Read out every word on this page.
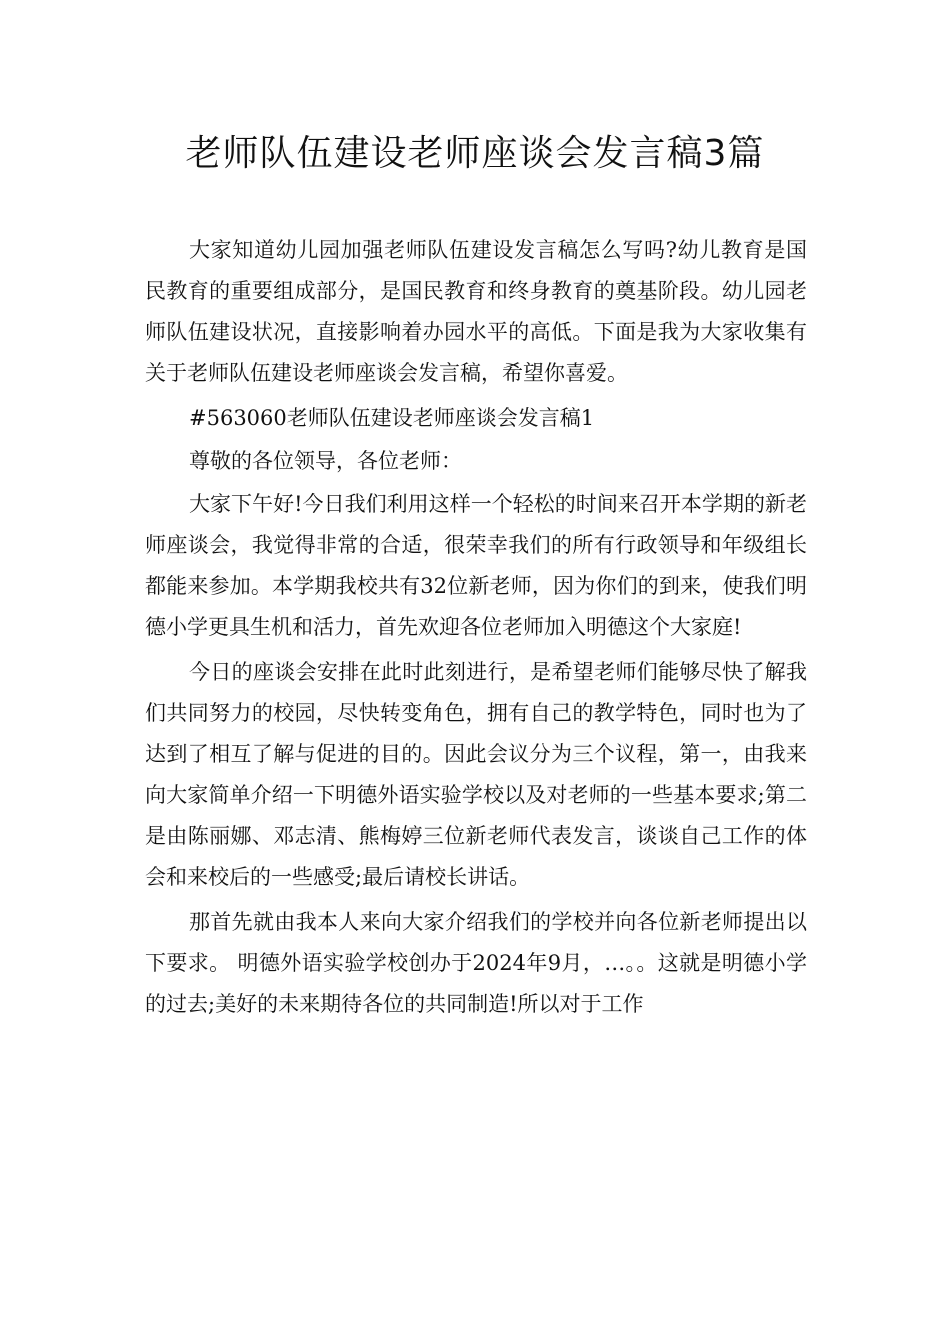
老师队伍建设老师座谈会发言稿3篇

大家知道幼儿园加强老师队伍建设发言稿怎么写吗?幼儿教育是国民教育的重要组成部分，是国民教育和终身教育的奠基阶段。幼儿园老师队伍建设状况，直接影响着办园水平的高低。下面是我为大家收集有关于老师队伍建设老师座谈会发言稿，希望你喜爱。

#563060老师队伍建设老师座谈会发言稿1

尊敬的各位领导，各位老师：

大家下午好!今日我们利用这样一个轻松的时间来召开本学期的新老师座谈会，我觉得非常的合适，很荣幸我们的所有行政领导和年级组长都能来参加。本学期我校共有32位新老师，因为你们的到来，使我们明德小学更具生机和活力，首先欢迎各位老师加入明德这个大家庭!

今日的座谈会安排在此时此刻进行，是希望老师们能够尽快了解我们共同努力的校园，尽快转变角色，拥有自己的教学特色，同时也为了达到了相互了解与促进的目的。因此会议分为三个议程，第一，由我来向大家简单介绍一下明德外语实验学校以及对老师的一些基本要求;第二是由陈丽娜、邓志清、熊梅婷三位新老师代表发言，谈谈自己工作的体会和来校后的一些感受;最后请校长讲话。

那首先就由我本人来向大家介绍我们的学校并向各位新老师提出以下要求。 明德外语实验学校创办于2024年9月，…。。这就是明德小学的过去;美好的未来期待各位的共同制造!所以对于工作
